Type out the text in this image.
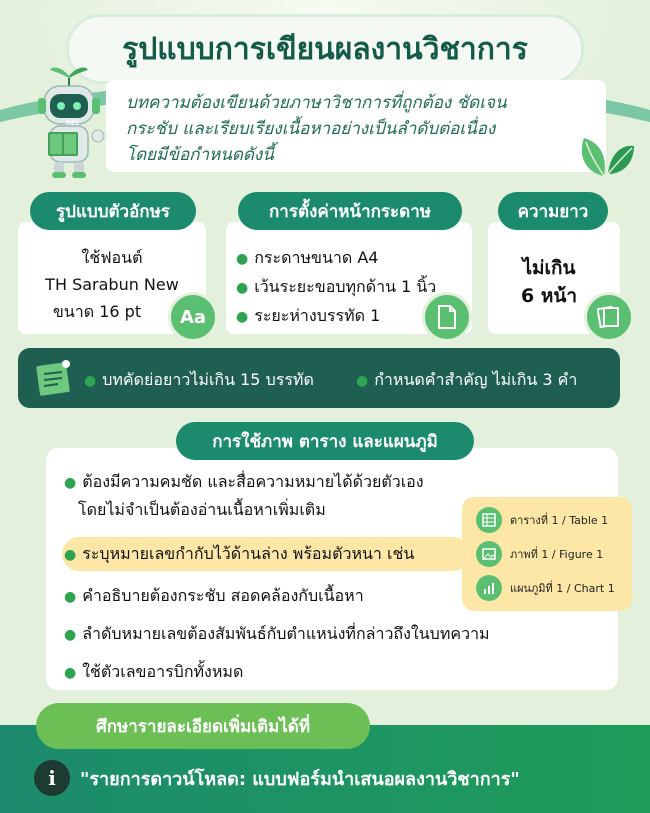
รูปแบบการเขียนผลงานวิชาการ
บทความต้องเขียนด้วยภาษาวิชาการที่ถูกต้อง ชัดเจน
กระชับ และเรียบเรียงเนื้อหาอย่างเป็นลำดับต่อเนื่อง
โดยมีข้อกำหนดดังนี้
ПЕС
รูปแบบตัวอักษร
ใช้ฟอนต์
TH Sarabun New
ขนาด 16 pt	Aa
การตั้งค่าหน้ากระดาษ
● กระดาษขนาด A4
● เว้นระยะขอบทุกด้าน 1 นิ้ว
● ระยะห่างบรรทัด 1
ความยาว
ไม่เกิน
6 หน้า
● บทคัดย่อยาวไม่เกิน 15 บรรทัด	● กำหนดคำสำคัญ ไม่เกิน 3 คำ
การใช้ภาพ ตาราง และแผนภูมิ
● ต้องมีความคมชัด และสื่อความหมายได้ด้วยตัวเอง
โดยไม่จำเป็นต้องอ่านเนื้อหาเพิ่มเติม
● ระบุหมายเลขกำกับไว้ด้านล่าง พร้อมตัวหนา เช่น
● คำอธิบายต้องกระชับ สอดคล้องกับเนื้อหา
● ลำดับหมายเลขต้องสัมพันธ์กับตำแหน่งที่กล่าวถึงในบทความ
● ใช้ตัวเลขอารบิกทั้งหมด
ตารางที่ 1 / Table 1
ภาพที่ 1 / Figure 1
แผนภูมิที่ 1 / Chart 1
ศึกษารายละเอียดเพิ่มเติมได้ที่
i	"รายการดาวน์โหลด: แบบฟอร์มนำเสนอผลงานวิชาการ"
